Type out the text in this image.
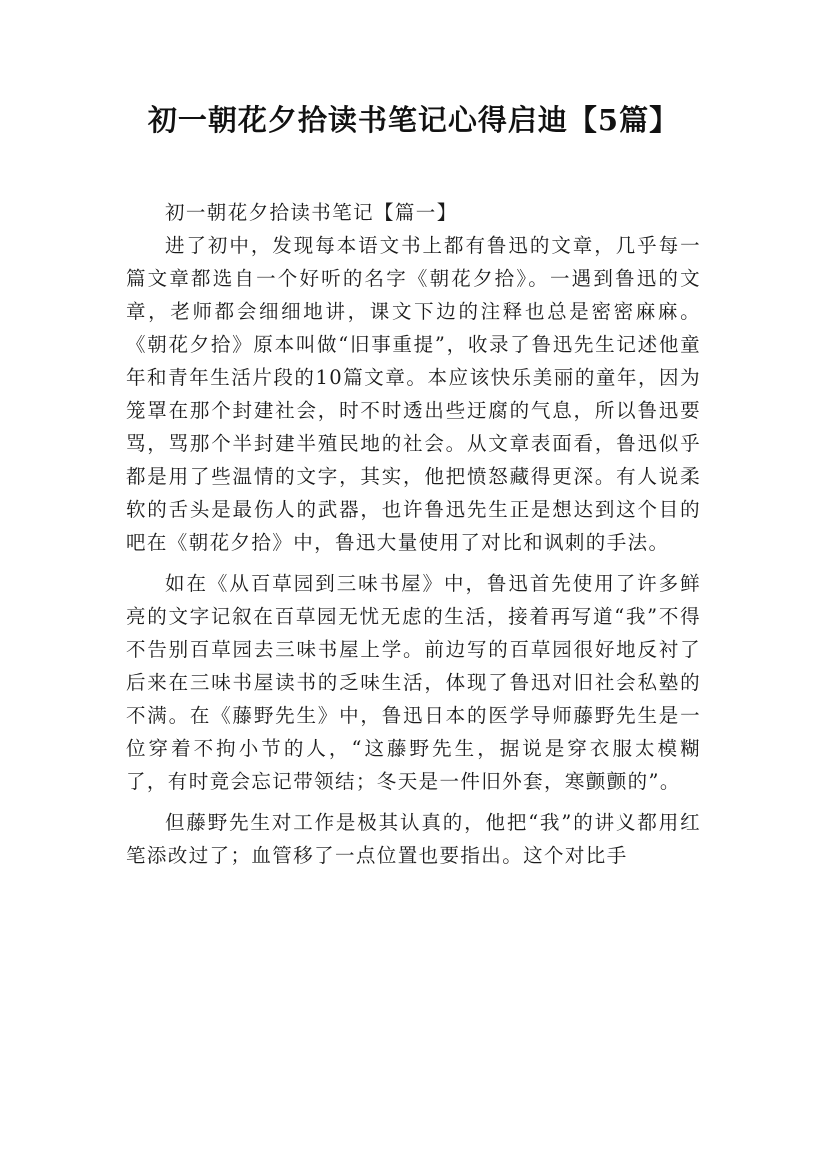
初一朝花夕拾读书笔记心得启迪【5篇】

初一朝花夕拾读书笔记【篇一】

进了初中，发现每本语文书上都有鲁迅的文章，几乎每一篇文章都选自一个好听的名字《朝花夕拾》。一遇到鲁迅的文章，老师都会细细地讲，课文下边的注释也总是密密麻麻。《朝花夕拾》原本叫做“旧事重提”，收录了鲁迅先生记述他童年和青年生活片段的10篇文章。本应该快乐美丽的童年，因为笼罩在那个封建社会，时不时透出些迂腐的气息，所以鲁迅要骂，骂那个半封建半殖民地的社会。从文章表面看，鲁迅似乎都是用了些温情的文字，其实，他把愤怒藏得更深。有人说柔软的舌头是最伤人的武器，也许鲁迅先生正是想达到这个目的吧在《朝花夕拾》中，鲁迅大量使用了对比和讽刺的手法。

如在《从百草园到三味书屋》中，鲁迅首先使用了许多鲜亮的文字记叙在百草园无忧无虑的生活，接着再写道“我”不得不告别百草园去三味书屋上学。前边写的百草园很好地反衬了后来在三味书屋读书的乏味生活，体现了鲁迅对旧社会私塾的不满。在《藤野先生》中，鲁迅日本的医学导师藤野先生是一位穿着不拘小节的人，“这藤野先生，据说是穿衣服太模糊了，有时竟会忘记带领结；冬天是一件旧外套，寒颤颤的”。

但藤野先生对工作是极其认真的，他把“我”的讲义都用红笔添改过了；血管移了一点位置也要指出。这个对比手
